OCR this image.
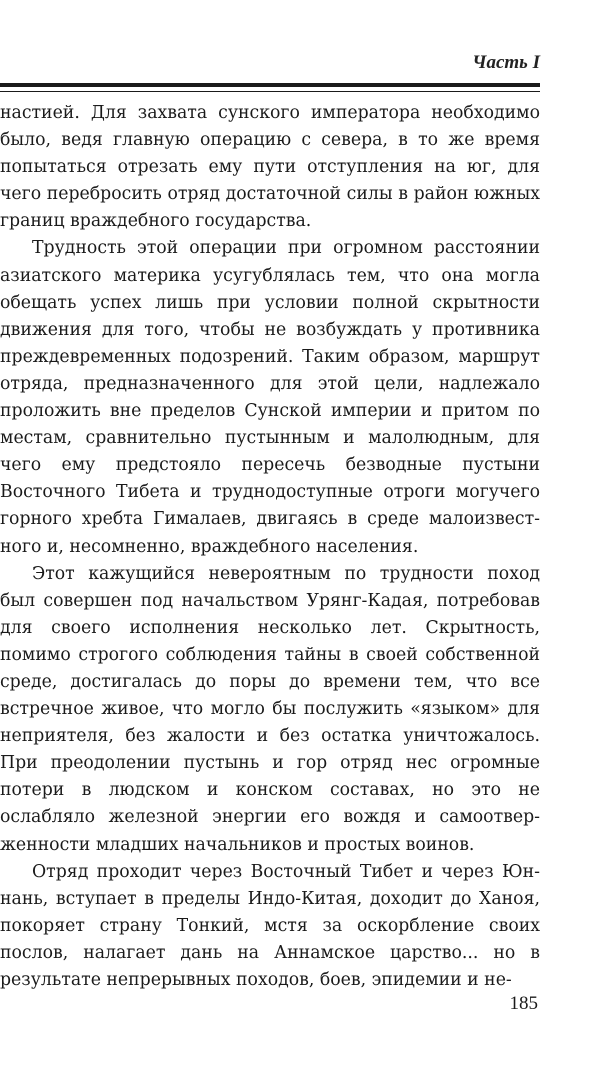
Часть I

настией. Для захвата сунского императора необходимо было, ведя главную операцию с севера, в то же время попытаться отрезать ему пути отступления на юг, для чего перебросить отряд достаточной силы в район южных границ враждебного государства.

Трудность этой операции при огромном расстоянии азиатского материка усугублялась тем, что она могла обещать успех лишь при условии полной скрытности движения для того, чтобы не возбуждать у противника преждевременных подозрений. Таким образом, маршрут отряда, предназначенного для этой цели, надлежало проложить вне пределов Сунской империи и притом по местам, сравнительно пустынным и малолюдным, для чего ему предстояло пересечь безводные пустыни Восточного Тибета и труднодоступные отроги могучего горного хребта Гималаев, двигаясь в среде малоизвестного и, несомненно, враждебного населения.

Этот кажущийся невероятным по трудности поход был совершен под начальством Урянг-Кадая, потребовав для своего исполнения несколько лет. Скрытность, помимо строгого соблюдения тайны в своей собственной среде, достигалась до поры до времени тем, что все встречное живое, что могло бы послужить «языком» для неприятеля, без жалости и без остатка уничтожалось. При преодолении пустынь и гор отряд нес огромные потери в людском и конском составах, но это не ослабляло железной энергии его вождя и самоотверженности младших начальников и простых воинов.

Отряд проходит через Восточный Тибет и через Юннань, вступает в пределы Индо-Китая, доходит до Ханоя, покоряет страну Тонкий, мстя за оскорбление своих послов, налагает дань на Аннамское царство... но в результате непрерывных походов, боев, эпидемии и не-

185
